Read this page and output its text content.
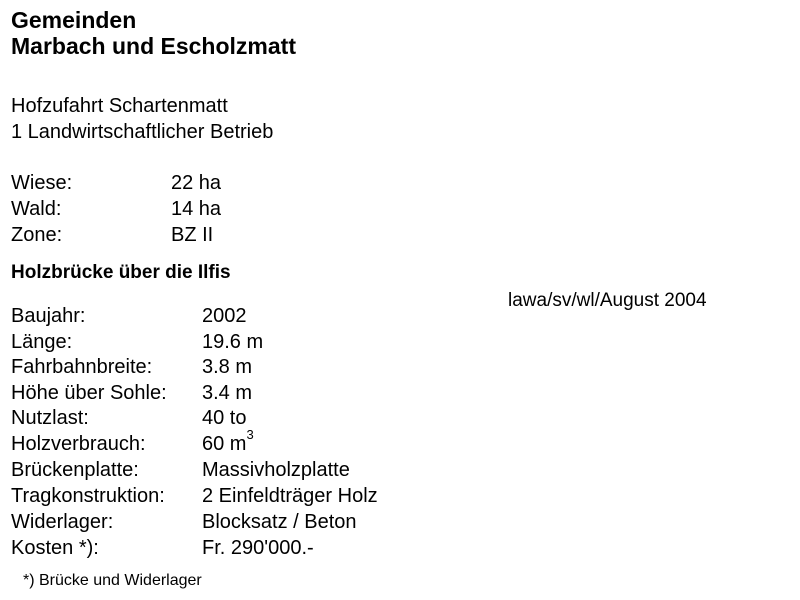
Gemeinden
Marbach und Escholzmatt
Hofzufahrt Schartenmatt
1 Landwirtschaftlicher Betrieb
Wiese:	22 ha
Wald:	14 ha
Zone:	BZ II
Holzbrücke über die Ilfis
lawa/sv/wl/August 2004
Baujahr:	2002
Länge:	19.6 m
Fahrbahnbreite: 3.8 m
Höhe über Sohle: 3.4 m
Nutzlast:	40 to
Holzverbrauch:	60 $m^3$
Brückenplatte:	Massivholzplatte
Tragkonstruktion: 2 Einfeldträger Holz
Widerlager:	Blocksatz / Beton
Kosten *):	Fr. 290'000.-
*) Brücke und Widerlager
